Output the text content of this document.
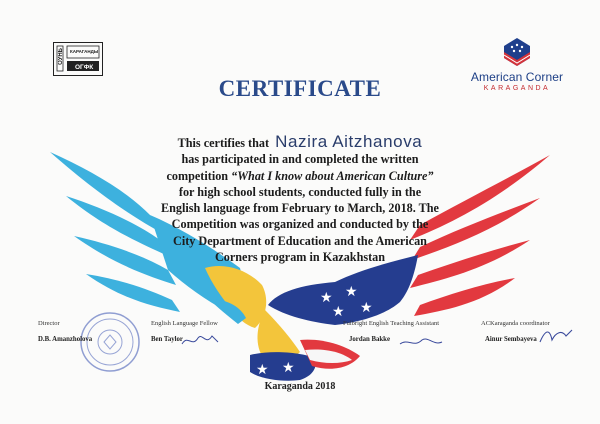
★ ★
★ ★
★ ★
ОУНБ
ОГФК
КАРАГАНДЫ
American Corner
KARAGANDA
CERTIFICATE
This certifies that Nazira Aitzhanova
has participated in and completed the written
competition “What I know about American Culture”
for high school students, conducted fully in the
English language from February to March, 2018. The
Competition was organized and conducted by the
City Department of Education and the American
Corners program in Kazakhstan
Director
D.B. Amanzholova
English Language Fellow
Ben Taylor
Fulbright English Teaching Assistant
Jordan Bakke
ACKaraganda coordinator
Ainur Sembayeva
Karaganda 2018
